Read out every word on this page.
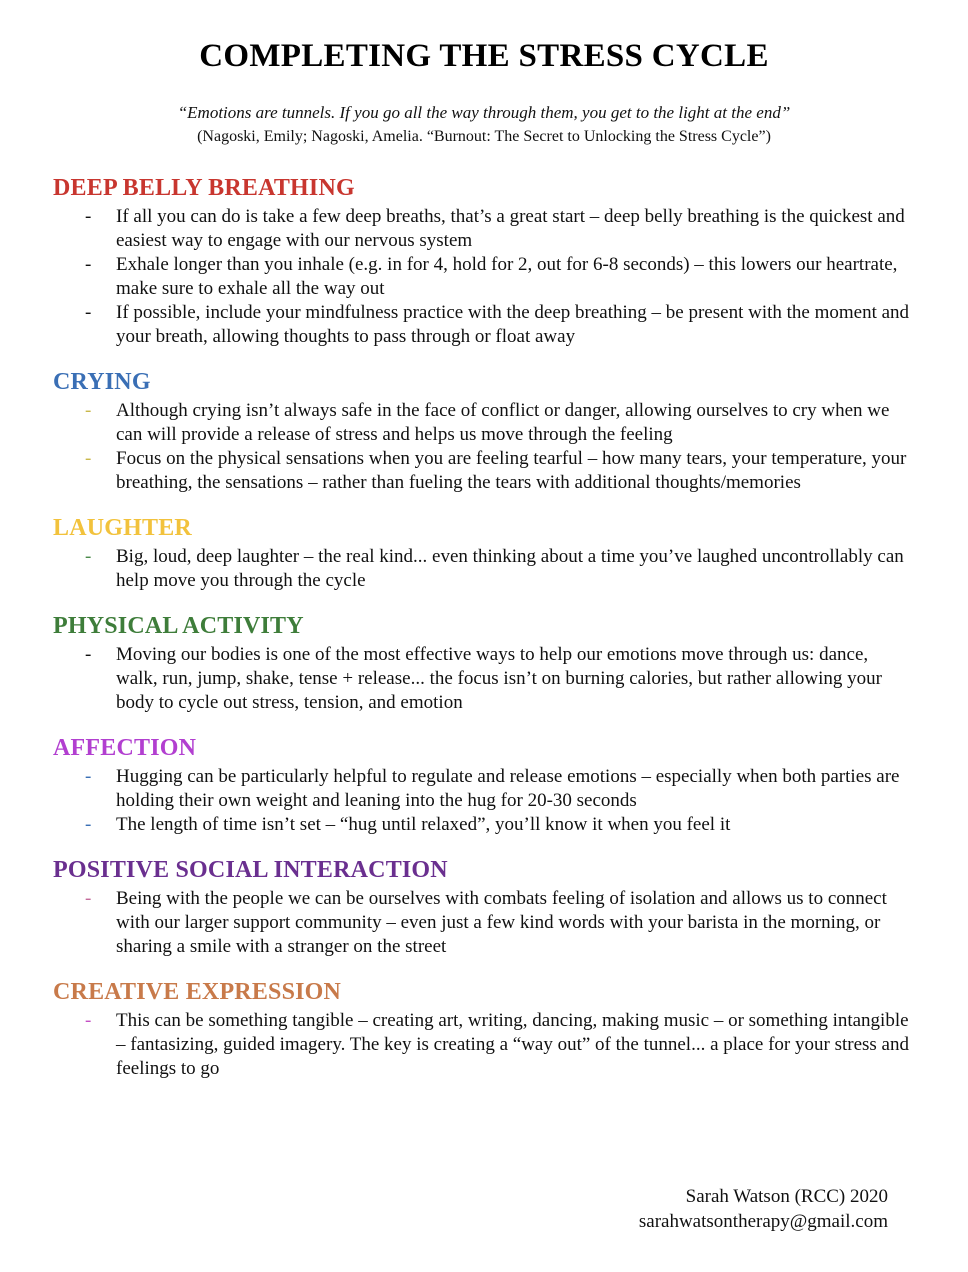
COMPLETING THE STRESS CYCLE
“Emotions are tunnels. If you go all the way through them, you get to the light at the end”
(Nagoski, Emily; Nagoski, Amelia. “Burnout: The Secret to Unlocking the Stress Cycle”)
DEEP BELLY BREATHING
- If all you can do is take a few deep breaths, that’s a great start – deep belly breathing is the quickest and easiest way to engage with our nervous system
- Exhale longer than you inhale (e.g. in for 4, hold for 2, out for 6-8 seconds) – this lowers our heartrate, make sure to exhale all the way out
- If possible, include your mindfulness practice with the deep breathing – be present with the moment and your breath, allowing thoughts to pass through or float away
CRYING
- Although crying isn’t always safe in the face of conflict or danger, allowing ourselves to cry when we can will provide a release of stress and helps us move through the feeling
- Focus on the physical sensations when you are feeling tearful – how many tears, your temperature, your breathing, the sensations – rather than fueling the tears with additional thoughts/memories
LAUGHTER
- Big, loud, deep laughter – the real kind... even thinking about a time you’ve laughed uncontrollably can help move you through the cycle
PHYSICAL ACTIVITY
- Moving our bodies is one of the most effective ways to help our emotions move through us: dance, walk, run, jump, shake, tense + release... the focus isn’t on burning calories, but rather allowing your body to cycle out stress, tension, and emotion
AFFECTION
- Hugging can be particularly helpful to regulate and release emotions – especially when both parties are holding their own weight and leaning into the hug for 20-30 seconds
- The length of time isn’t set – “hug until relaxed”, you’ll know it when you feel it
POSITIVE SOCIAL INTERACTION
- Being with the people we can be ourselves with combats feeling of isolation and allows us to connect with our larger support community – even just a few kind words with your barista in the morning, or sharing a smile with a stranger on the street
CREATIVE EXPRESSION
- This can be something tangible – creating art, writing, dancing, making music – or something intangible – fantasizing, guided imagery. The key is creating a “way out” of the tunnel... a place for your stress and feelings to go
Sarah Watson (RCC) 2020
sarahwatsontherapy@gmail.com
